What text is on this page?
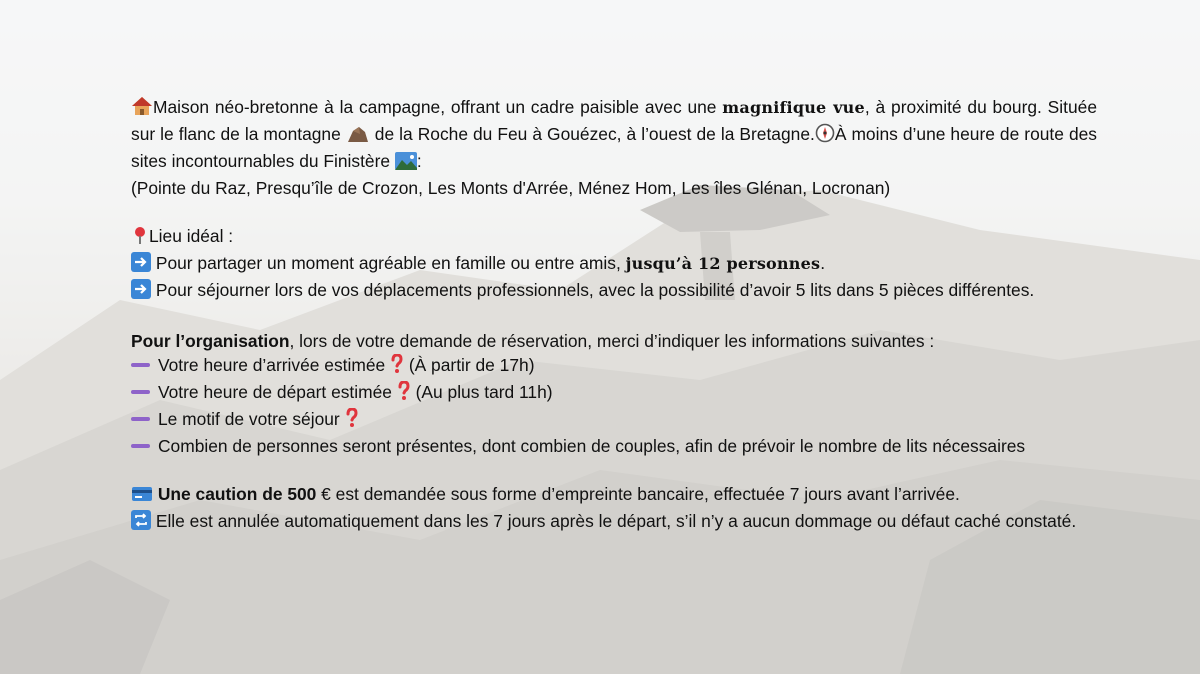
Maison néo-bretonne à la campagne, offrant un cadre paisible avec une magnifique vue, à proximité du bourg. Située sur le flanc de la montagne  de la Roche du Feu à Gouézec, à l’ouest de la Bretagne. À moins d’une heure de route des sites incontournables du Finistère :
(Pointe du Raz, Presqu’île de Crozon, Les Monts d'Arrée, Ménez Hom, Les îles Glénan, Locronan)

Lieu idéal :
Pour partager un moment agréable en famille ou entre amis, jusqu’à 12 personnes.
Pour séjourner lors de vos déplacements professionnels, avec la possibilité d’avoir 5 lits dans 5 pièces différentes.

Pour l’organisation, lors de votre demande de réservation, merci d’indiquer les informations suivantes :
Votre heure d’arrivée estimée  (À partir de 17h)
Votre heure de départ estimée  (Au plus tard 11h)
Le motif de votre séjour
Combien de personnes seront présentes, dont combien de couples, afin de prévoir le nombre de lits nécessaires

Une caution de 500 € est demandée sous forme d’empreinte bancaire, effectuée 7 jours avant l’arrivée.
Elle est annulée automatiquement dans les 7 jours après le départ, s’il n’y a aucun dommage ou défaut caché constaté.
